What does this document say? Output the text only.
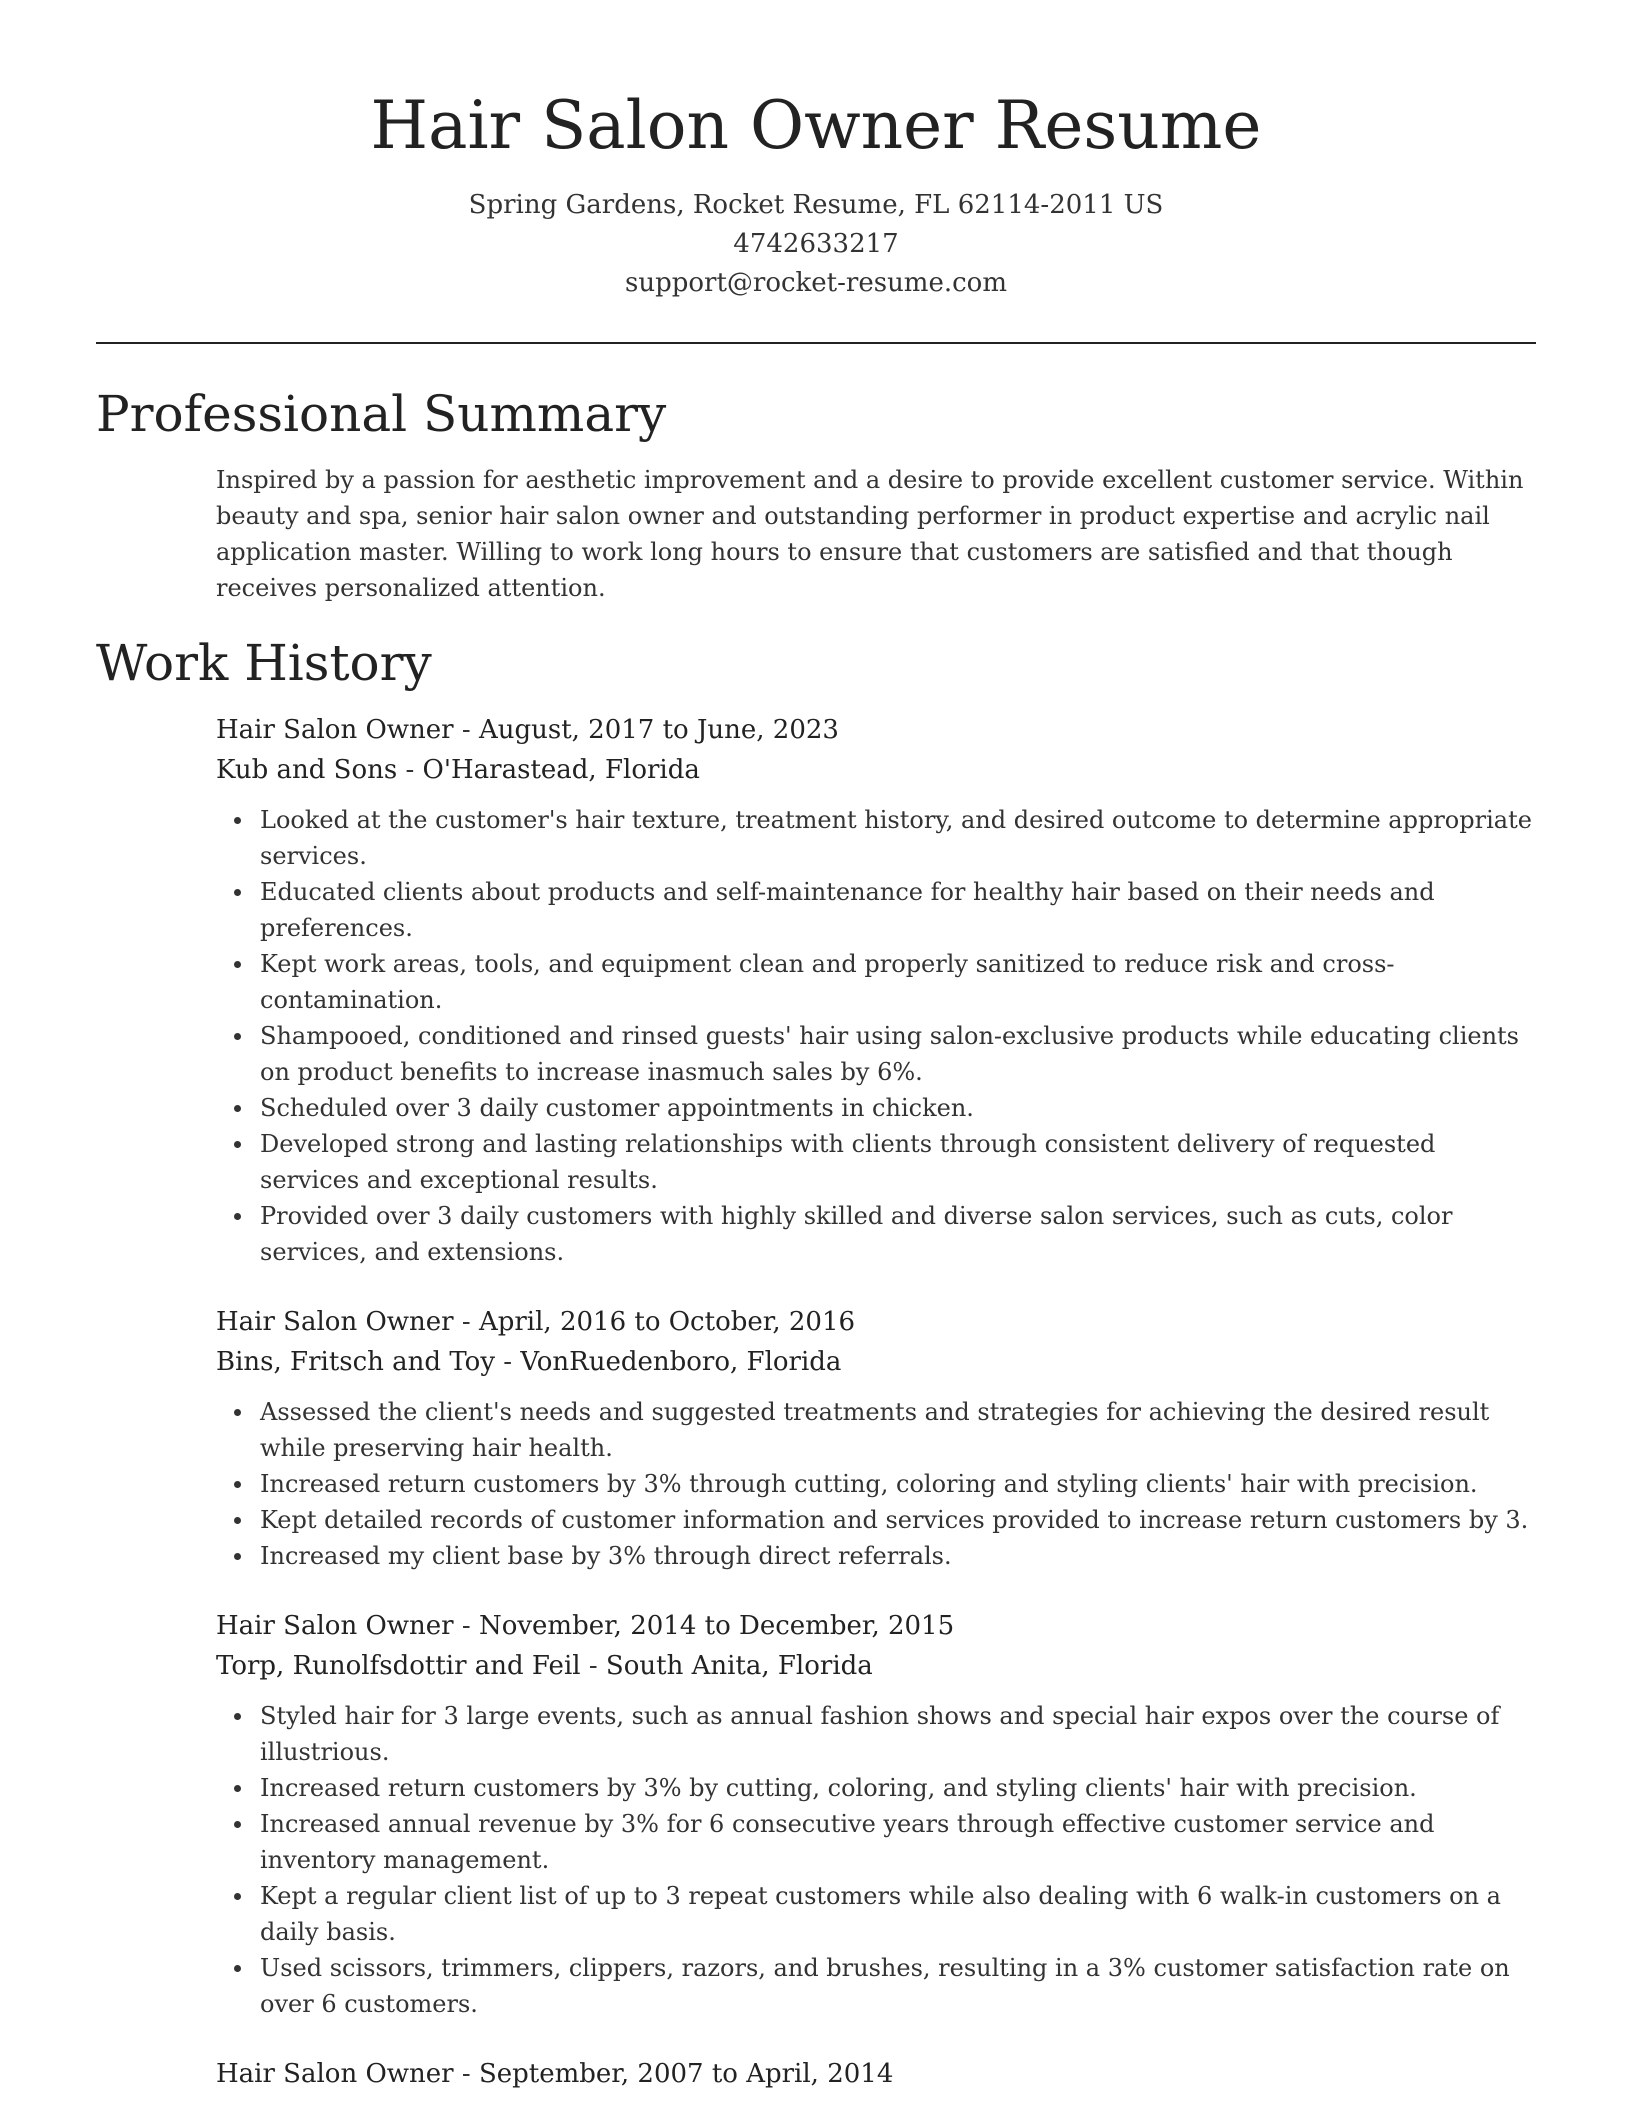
Hair Salon Owner Resume
Spring Gardens, Rocket Resume, FL 62114-2011 US
4742633217
support@rocket-resume.com
Professional Summary

Inspired by a passion for aesthetic improvement and a desire to provide excellent customer service. Within beauty and spa, senior hair salon owner and outstanding performer in product expertise and acrylic nail application master. Willing to work long hours to ensure that customers are satisfied and that though receives personalized attention.

Work History
Hair Salon Owner - August, 2017 to June, 2023
Kub and Sons - O'Harastead, Florida
Looked at the customer's hair texture, treatment history, and desired outcome to determine appropriate services.
Educated clients about products and self-maintenance for healthy hair based on their needs and preferences.
Kept work areas, tools, and equipment clean and properly sanitized to reduce risk and cross-contamination.
Shampooed, conditioned and rinsed guests' hair using salon-exclusive products while educating clients on product benefits to increase inasmuch sales by 6%.
Scheduled over 3 daily customer appointments in chicken.
Developed strong and lasting relationships with clients through consistent delivery of requested services and exceptional results.
Provided over 3 daily customers with highly skilled and diverse salon services, such as cuts, color services, and extensions.
Hair Salon Owner - April, 2016 to October, 2016
Bins, Fritsch and Toy - VonRuedenboro, Florida
Assessed the client's needs and suggested treatments and strategies for achieving the desired result while preserving hair health.
Increased return customers by 3% through cutting, coloring and styling clients' hair with precision.
Kept detailed records of customer information and services provided to increase return customers by 3.
Increased my client base by 3% through direct referrals.
Hair Salon Owner - November, 2014 to December, 2015
Torp, Runolfsdottir and Feil - South Anita, Florida
Styled hair for 3 large events, such as annual fashion shows and special hair expos over the course of illustrious.
Increased return customers by 3% by cutting, coloring, and styling clients' hair with precision.
Increased annual revenue by 3% for 6 consecutive years through effective customer service and inventory management.
Kept a regular client list of up to 3 repeat customers while also dealing with 6 walk-in customers on a daily basis.
Used scissors, trimmers, clippers, razors, and brushes, resulting in a 3% customer satisfaction rate on over 6 customers.
Hair Salon Owner - September, 2007 to April, 2014
